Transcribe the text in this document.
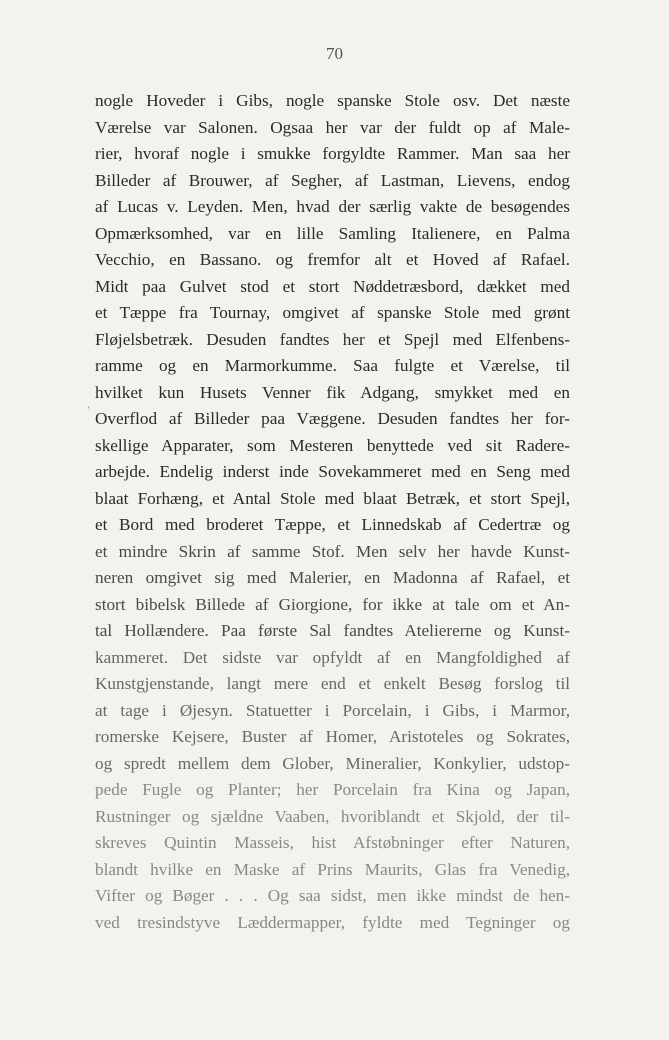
70
ʻ
nogle Hoveder i Gibs, nogle spanske Stole osv. Det næste
Værelse var Salonen. Ogsaa her var der fuldt op af Male-
rier, hvoraf nogle i smukke forgyldte Rammer. Man saa her
Billeder af Brouwer, af Segher, af Lastman, Lievens, endog
af Lucas v. Leyden. Men, hvad der særlig vakte de besøgendes
Opmærksomhed, var en lille Samling Italienere, en Palma
Vecchio, en Bassano. og fremfor alt et Hoved af Rafael.
Midt paa Gulvet stod et stort Nøddetræsbord, dækket med
et Tæppe fra Tournay, omgivet af spanske Stole med grønt
Fløjelsbetræk. Desuden fandtes her et Spejl med Elfenbens-
ramme og en Marmorkumme. Saa fulgte et Værelse, til
hvilket kun Husets Venner fik Adgang, smykket med en
Overflod af Billeder paa Væggene. Desuden fandtes her for-
skellige Apparater, som Mesteren benyttede ved sit Radere-
arbejde. Endelig inderst inde Sovekammeret med en Seng med
blaat Forhæng, et Antal Stole med blaat Betræk, et stort Spejl,
et Bord med broderet Tæppe, et Linnedskab af Cedertræ og
et mindre Skrin af samme Stof. Men selv her havde Kunst-
neren omgivet sig med Malerier, en Madonna af Rafael, et
stort bibelsk Billede af Giorgione, for ikke at tale om et An-
tal Hollændere. Paa første Sal fandtes Ateliererne og Kunst-
kammeret. Det sidste var opfyldt af en Mangfoldighed af
Kunstgjenstande, langt mere end et enkelt Besøg forslog til
at tage i Øjesyn. Statuetter i Porcelain, i Gibs, i Marmor,
romerske Kejsere, Buster af Homer, Aristoteles og Sokrates,
og spredt mellem dem Glober, Mineralier, Konkylier, udstop-
pede Fugle og Planter; her Porcelain fra Kina og Japan,
Rustninger og sjældne Vaaben, hvoriblandt et Skjold, der til-
skreves Quintin Masseis, hist Afstøbninger efter Naturen,
blandt hvilke en Maske af Prins Maurits, Glas fra Venedig,
Vifter og Bøger . . . Og saa sidst, men ikke mindst de hen-
ved tresindstyve Læddermapper, fyldte med Tegninger og
